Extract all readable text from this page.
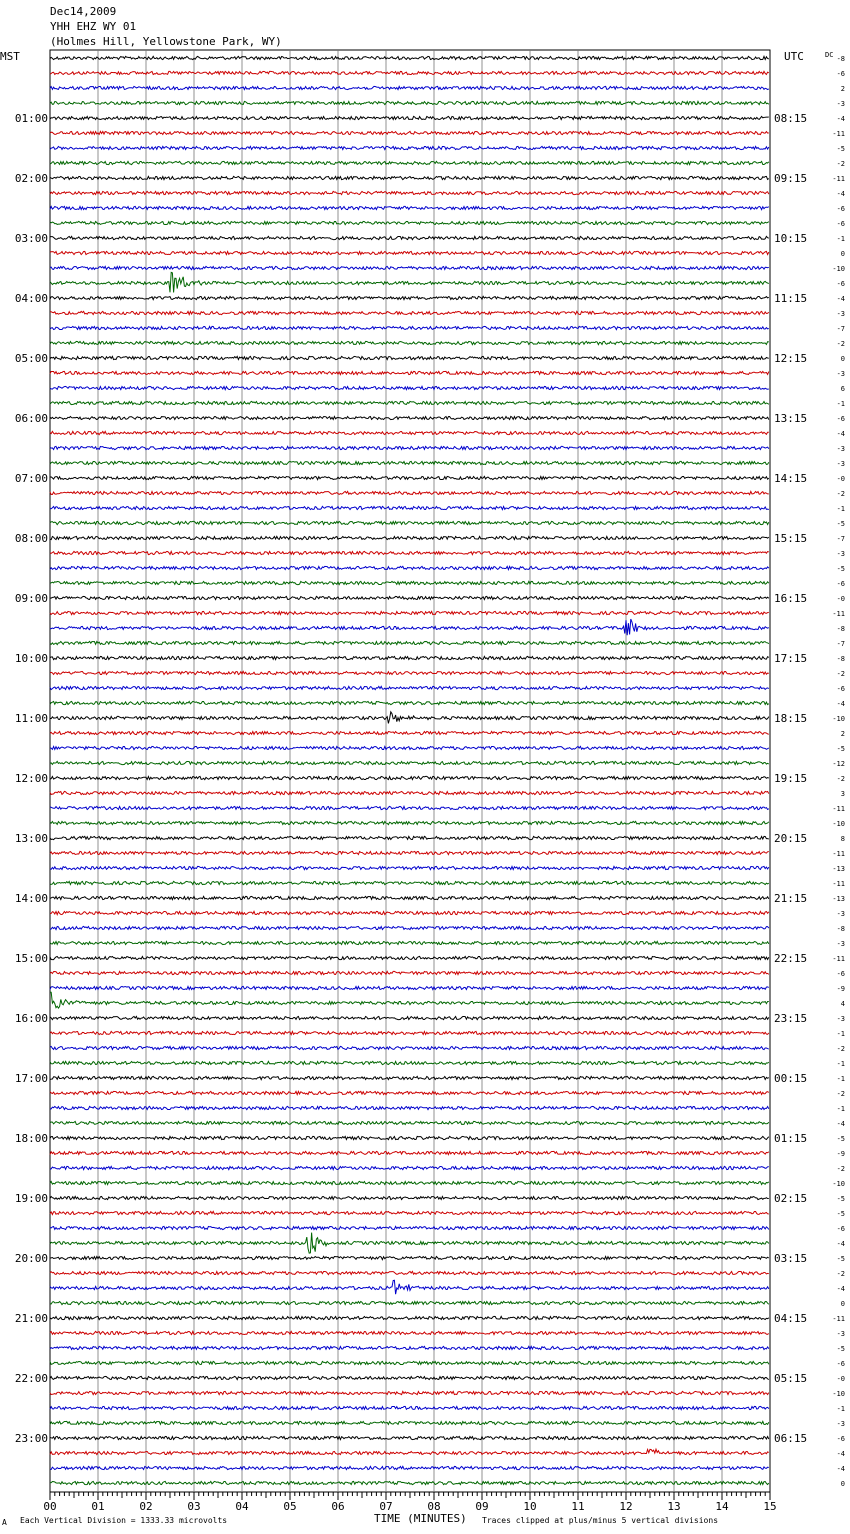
Dec14,2009
YHH EHZ WY 01
(Holmes Hill, Yellowstone Park, WY)
MST	UTC	DC
00	01	02	03	04	05	06	07	08	09	10	11	12	13	14	15
-8
-6
2
-3
-4
-11
-5
-2
-11
-4
-6
-6
-1
0
-10
-6
-4
-3
-7
-2
0
-3
6
-1
-6
-4
-3
-3
-0
-2
-1
-5
-7
-3
-5
-6
-0
-11
-8
-7
-8
-2
-6
-4
-10
2
-5
-12
-2
3
-11
-10
8
-11
-13
-11
-13
-3
-8
-3
-11
-6
-9
4
-3
-1
-2
-1
-1
-2
-1
-4
-5
-9
-2
-10
-5
-5
-6
-4
-5
-2
-4
0
-11
-3
-5
-6
-0
-10
-1
-3
-6
-4
-4
0
01:00
02:00
03:00
04:00
05:00
06:00
07:00
08:00
09:00
10:00
11:00
12:00
13:00
14:00
15:00
16:00
17:00
18:00
19:00
20:00
21:00
22:00
23:00
08:15
09:15
10:15
11:15
12:15
13:15
14:15
15:15
16:15
17:15
18:15
19:15
20:15
21:15
22:15
23:15
00:15
01:15
02:15
03:15
04:15
05:15
06:15
A Each Vertical Division = 1333.33 microvolts	TIME (MINUTES) Traces clipped at plus/minus 5 vertical divisions
